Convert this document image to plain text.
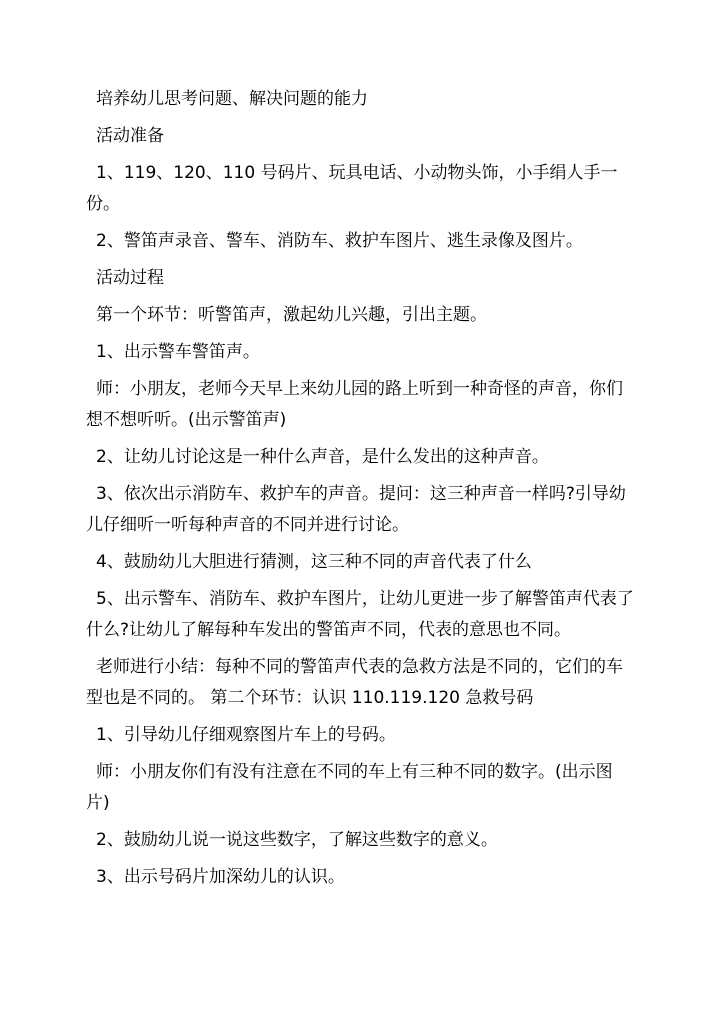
培养幼儿思考问题、解决问题的能力

活动准备

1、119、120、110 号码片、玩具电话、小动物头饰，小手绢人手一份。

2、警笛声录音、警车、消防车、救护车图片、逃生录像及图片。

活动过程

第一个环节：听警笛声，激起幼儿兴趣，引出主题。

1、出示警车警笛声。

师：小朋友，老师今天早上来幼儿园的路上听到一种奇怪的声音，你们想不想听听。(出示警笛声)

2、让幼儿讨论这是一种什么声音，是什么发出的这种声音。

3、依次出示消防车、救护车的声音。提问：这三种声音一样吗?引导幼儿仔细听一听每种声音的不同并进行讨论。

4、鼓励幼儿大胆进行猜测，这三种不同的声音代表了什么

5、出示警车、消防车、救护车图片，让幼儿更进一步了解警笛声代表了什么?让幼儿了解每种车发出的警笛声不同，代表的意思也不同。

老师进行小结：每种不同的警笛声代表的急救方法是不同的，它们的车型也是不同的。 第二个环节：认识 110.119.120 急救号码

1、引导幼儿仔细观察图片车上的号码。

师：小朋友你们有没有注意在不同的车上有三种不同的数字。(出示图片)

2、鼓励幼儿说一说这些数字，了解这些数字的意义。

3、出示号码片加深幼儿的认识。
